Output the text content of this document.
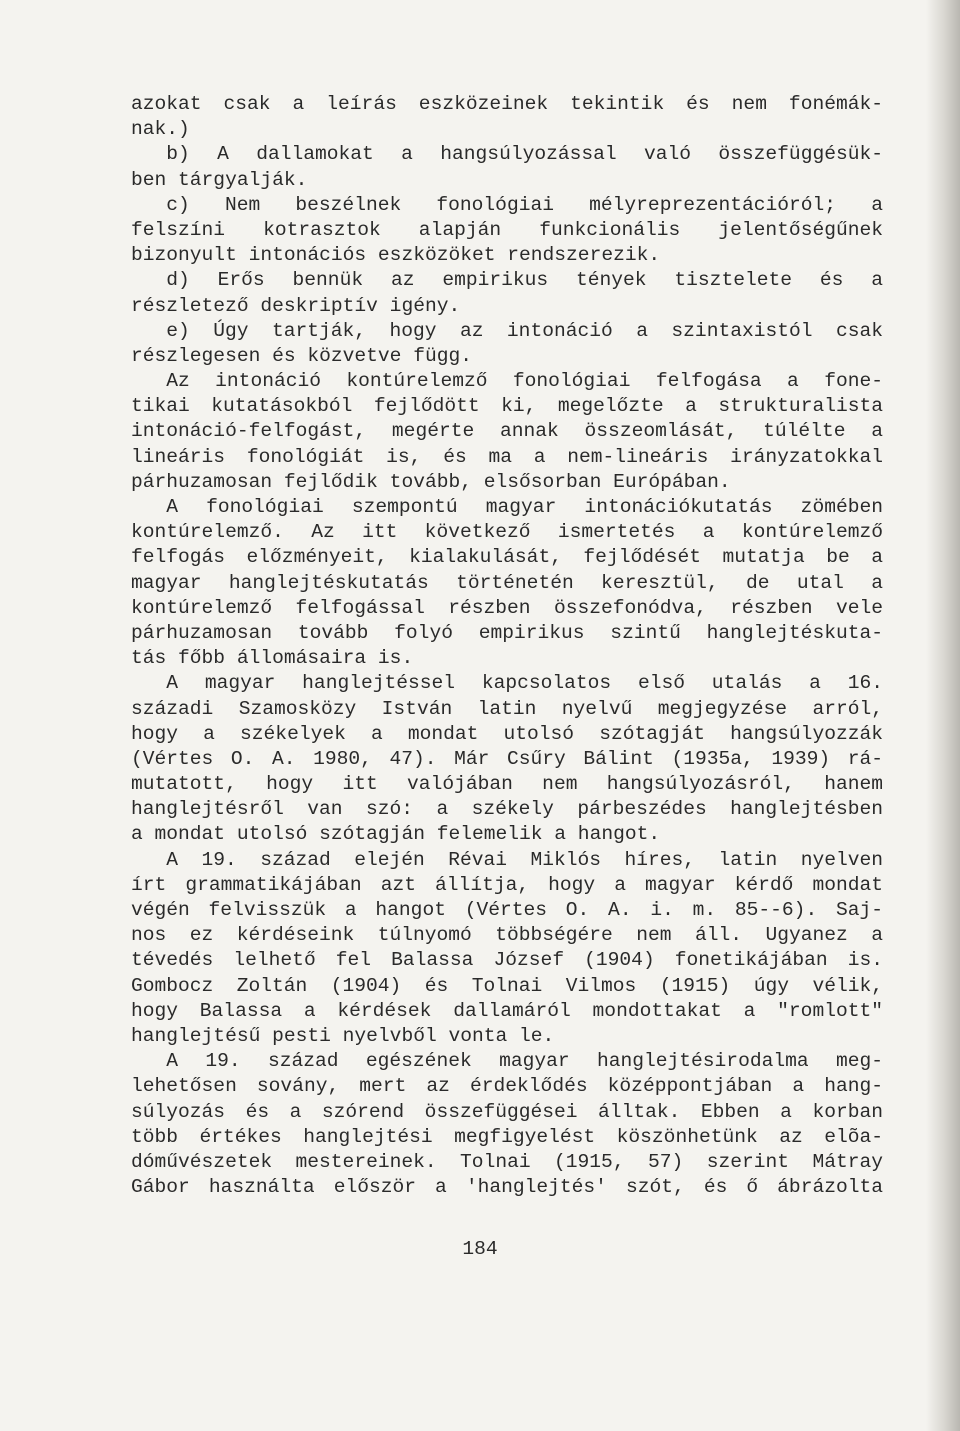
azokat csak a leírás eszközeinek tekintik és nem fonémák-
nak.)
b) A dallamokat a hangsúlyozással való összefüggésük-
ben tárgyalják.
c) Nem beszélnek fonológiai mélyreprezentációról; a
felszíni kotrasztok alapján funkcionális jelentőségűnek
bizonyult intonációs eszközöket rendszerezik.
d) Erős bennük az empirikus tények tisztelete és a
részletező deskriptív igény.
e) Úgy tartják, hogy az intonáció a szintaxistól csak
részlegesen és közvetve függ.
Az intonáció kontúrelemző fonológiai felfogása a fone-
tikai kutatásokból fejlődött ki, megelőzte a strukturalista
intonáció-felfogást, megérte annak összeomlását, túlélte a
lineáris fonológiát is, és ma a nem-lineáris irányzatokkal
párhuzamosan fejlődik tovább, elsősorban Európában.
A fonológiai szempontú magyar intonációkutatás zömében
kontúrelemző. Az itt következő ismertetés a kontúrelemző
felfogás előzményeit, kialakulását, fejlődését mutatja be a
magyar hanglejtéskutatás történetén keresztül, de utal a
kontúrelemző felfogással részben összefonódva, részben vele
párhuzamosan tovább folyó empirikus szintű hanglejtéskuta-
tás főbb állomásaira is.
A magyar hanglejtéssel kapcsolatos első utalás a 16.
századi Szamosközy István latin nyelvű megjegyzése arról,
hogy a székelyek a mondat utolsó szótagját hangsúlyozzák
(Vértes O. A. 1980, 47). Már Csűry Bálint (1935a, 1939) rá-
mutatott, hogy itt valójában nem hangsúlyozásról, hanem
hanglejtésről van szó: a székely párbeszédes hanglejtésben
a mondat utolsó szótagján felemelik a hangot.
A 19. század elején Révai Miklós híres, latin nyelven
írt grammatikájában azt állítja, hogy a magyar kérdő mondat
végén felvisszük a hangot (Vértes O. A. i. m. 85--6). Saj-
nos ez kérdéseink túlnyomó többségére nem áll. Ugyanez a
tévedés lelhető fel Balassa József (1904) fonetikájában is.
Gombocz Zoltán (1904) és Tolnai Vilmos (1915) úgy vélik,
hogy Balassa a kérdések dallamáról mondottakat a "romlott"
hanglejtésű pesti nyelvből vonta le.
A 19. század egészének magyar hanglejtésirodalma meg-
lehetősen sovány, mert az érdeklődés középpontjában a hang-
súlyozás és a szórend összefüggései álltak. Ebben a korban
több értékes hanglejtési megfigyelést köszönhetünk az elõa-
dóművészetek mestereinek. Tolnai (1915, 57) szerint Mátray
Gábor használta először a 'hanglejtés' szót, és ő ábrázolta
184
